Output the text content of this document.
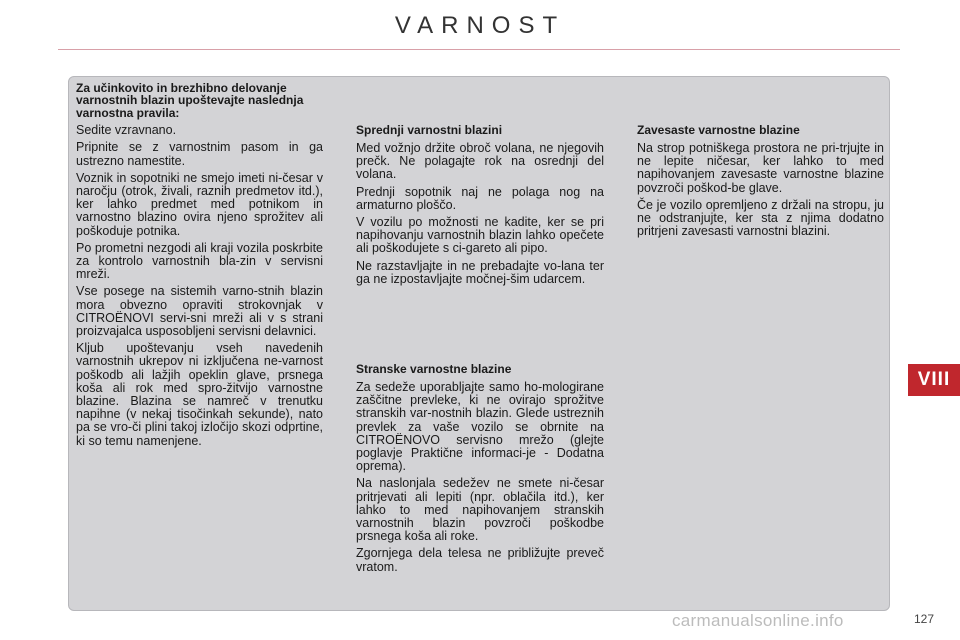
VARNOST

Za učinkovito in brezhibno delovanje varnostnih blazin upoštevajte naslednja varnostna pravila:

Sedite vzravnano.

Pripnite se z varnostnim pasom in ga ustrezno namestite.

Voznik in sopotniki ne smejo imeti ni-česar v naročju (otrok, živali, raznih predmetov itd.), ker lahko predmet med potnikom in varnostno blazino ovira njeno sprožitev ali poškoduje potnika.

Po prometni nezgodi ali kraji vozila poskrbite za kontrolo varnostnih bla-zin v servisni mreži.

Vse posege na sistemih varno-stnih blazin mora obvezno opraviti strokovnjak v CITROËNOVI servi-sni mreži ali v s strani proizvajalca usposobljeni servisni delavnici.

Kljub upoštevanju vseh navedenih varnostnih ukrepov ni izključena ne-varnost poškodb ali lažjih opeklin glave, prsnega koša ali rok med spro-žitvijo varnostne blazine. Blazina se namreč v trenutku napihne (v nekaj tisočinkah sekunde), nato pa se vro-či plini takoj izločijo skozi odprtine, ki so temu namenjene.

Sprednji varnostni blazini

Med vožnjo držite obroč volana, ne njegovih prečk. Ne polagajte rok na osrednji del volana.

Prednji sopotnik naj ne polaga nog na armaturno ploščo.

V vozilu po možnosti ne kadite, ker se pri napihovanju varnostnih blazin lahko opečete ali poškodujete s ci-gareto ali pipo.

Ne razstavljajte in ne prebadajte vo-lana ter ga ne izpostavljajte močnej-šim udarcem.

Stranske varnostne blazine

Za sedeže uporabljajte samo ho-mologirane zaščitne prevleke, ki ne ovirajo sprožitve stranskih var-nostnih blazin. Glede ustreznih prevlek za vaše vozilo se obrnite na CITROËNOVO servisno mrežo (glejte poglavje Praktične informaci-je - Dodatna oprema).

Na naslonjala sedežev ne smete ni-česar pritrjevati ali lepiti (npr. oblačila itd.), ker lahko to med napihovanjem stranskih varnostnih blazin povzroči poškodbe prsnega koša ali roke.

Zgornjega dela telesa ne približujte preveč vratom.

Zavesaste varnostne blazine

Na strop potniškega prostora ne pri-trjujte in ne lepite ničesar, ker lahko to med napihovanjem zavesaste varnostne blazine povzroči poškod-be glave.

Če je vozilo opremljeno z držali na stropu, ju ne odstranjujte, ker sta z njima dodatno pritrjeni zavesasti varnostni blazini.

VIII
carmanualsonline.info	127
